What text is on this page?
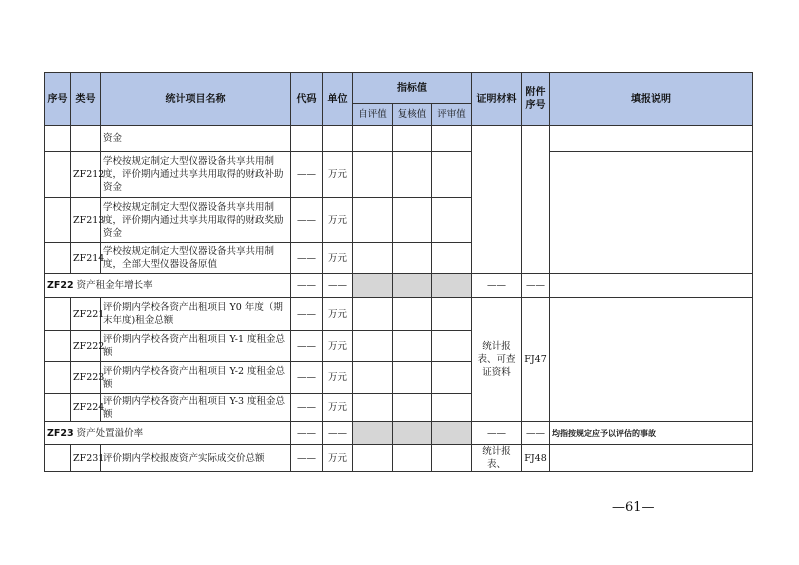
序号	类号	统计项目名称	代码	单位	指标值			证明材料	附件序号	填报说明
					自评值	复核值	评审值			
		资金								
	ZF212	学校按规定制定大型仪器设备共享共用制度，评价期内通过共享共用取得的财政补助资金	——	万元						
	ZF213	学校按规定制定大型仪器设备共享共用制度，评价期内通过共享共用取得的财政奖励资金	——	万元						
	ZF214	学校按规定制定大型仪器设备共享共用制度，全部大型仪器设备原值	——	万元						
ZF22 资产租金年增长率			——	——				——	——	
	ZF221	评价期内学校各资产出租项目 Y0 年度（期末年度)租金总额	——	万元				统计报表、可查证资料	FJ47	
	ZF222	评价期内学校各资产出租项目 Y-1 度租金总额	——	万元						
	ZF223	评价期内学校各资产出租项目 Y-2 度租金总额	——	万元						
	ZF224	评价期内学校各资产出租项目 Y-3 度租金总额	——	万元						
ZF23 资产处置溢价率			——	——				——	——	均指按规定应予以评估的事故
	ZF231	评价期内学校报废资产实际成交价总额	——	万元				统计报表、	FJ48	
—61—
